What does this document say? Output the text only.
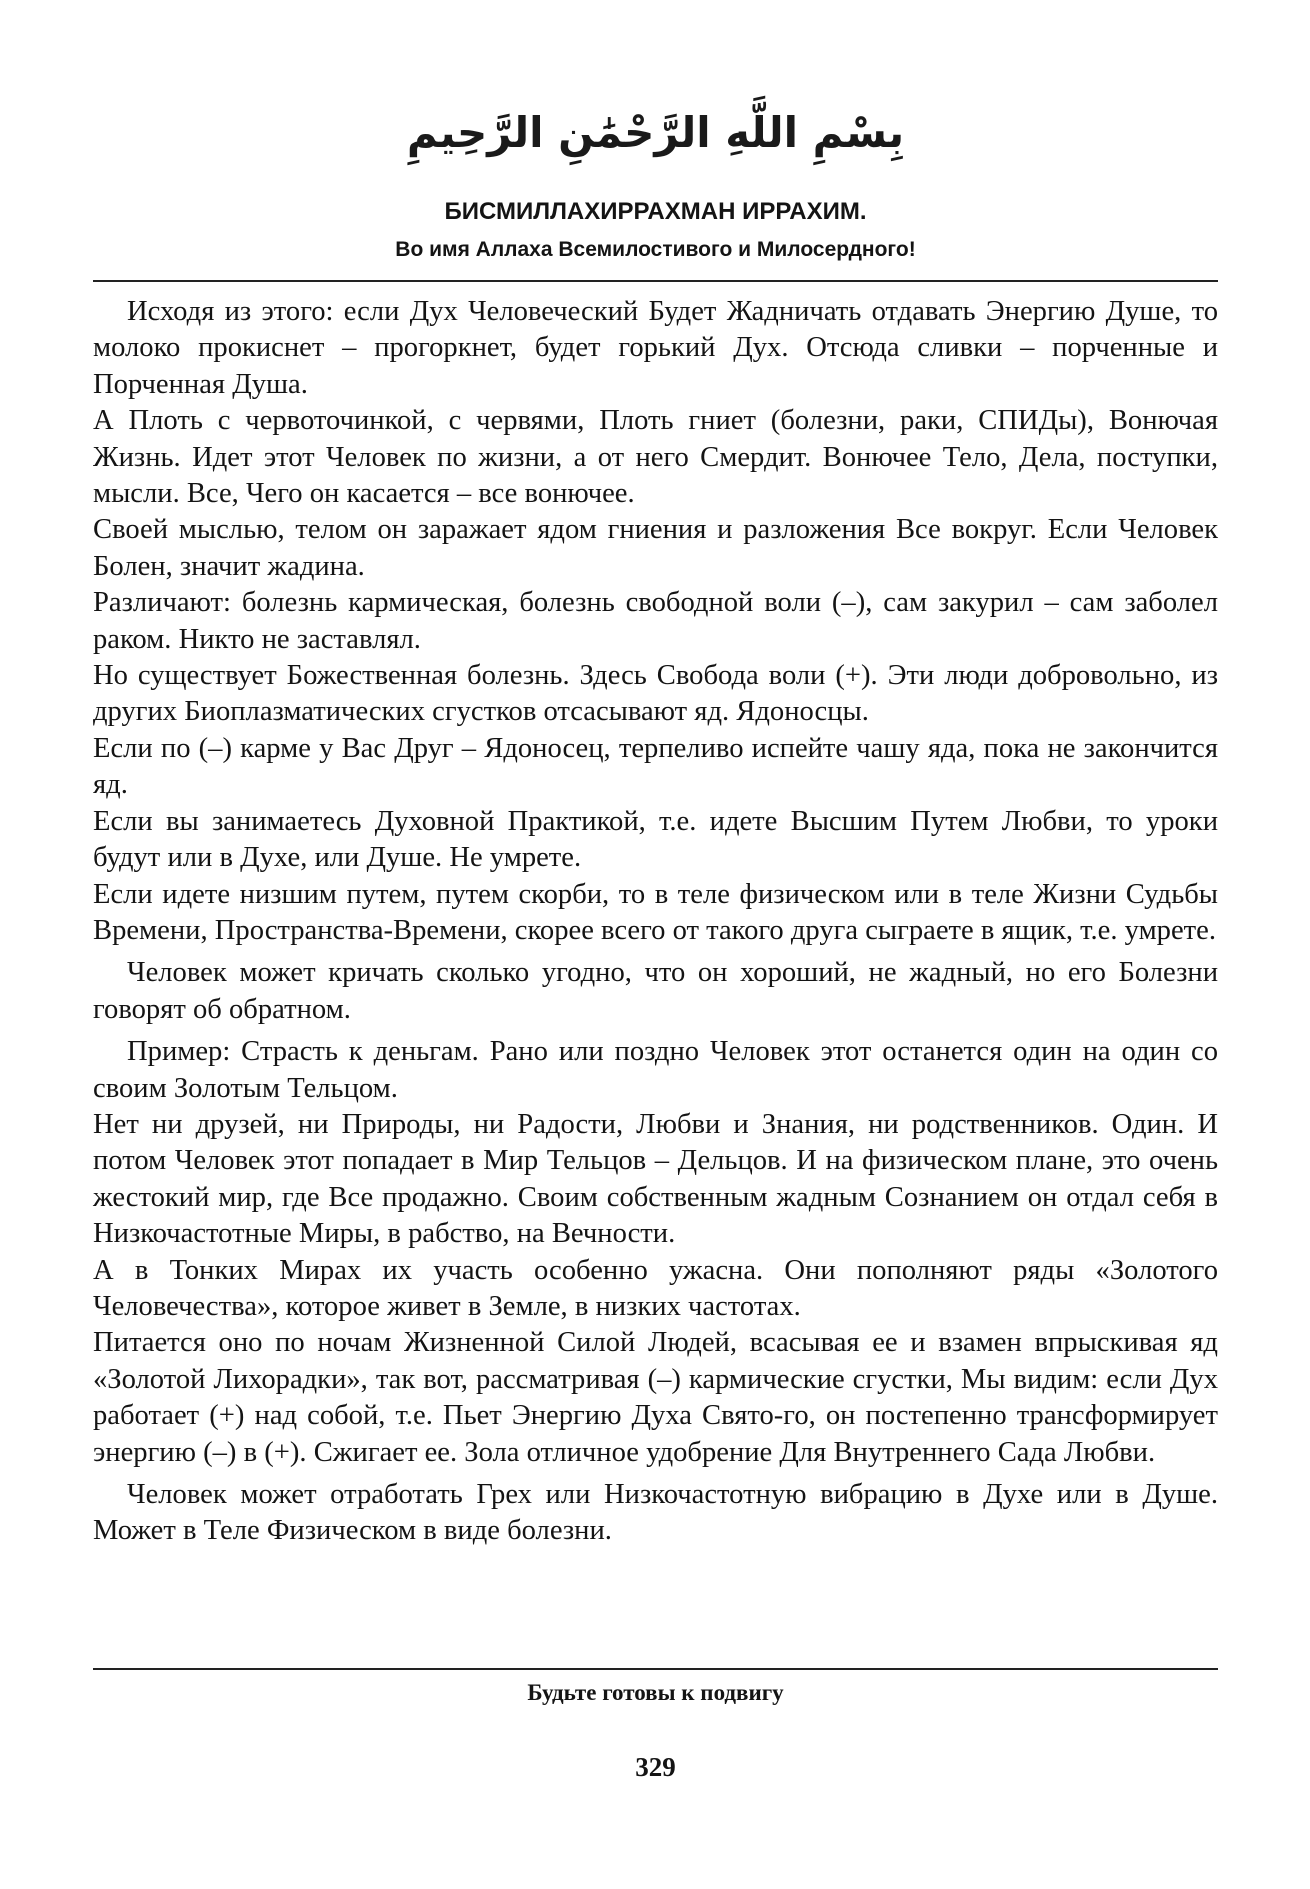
بِسْمِ اللَّهِ الرَّحْمَٰنِ الرَّحِيمِ
БИСМИЛЛАХИРРАХМАН ИРРАХИМ.
Во имя Аллаха Всемилостивого и Милосердного!

Исходя из этого: если Дух Человеческий Будет Жадничать отдавать Энергию Душе, то молоко прокиснет – прогоркнет, будет горький Дух. Отсюда сливки – порченные и Порченная Душа.

А Плоть с червоточинкой, с червями, Плоть гниет (болезни, раки, СПИДы), Вонючая Жизнь. Идет этот Человек по жизни, а от него Смердит. Вонючее Тело, Дела, поступки, мысли. Все, Чего он касается – все вонючее.

Своей мыслью, телом он заражает ядом гниения и разложения Все вокруг. Если Человек Болен, значит жадина.

Различают: болезнь кармическая, болезнь свободной воли (–), сам закурил – сам заболел раком. Никто не заставлял.

Но существует Божественная болезнь. Здесь Свобода воли (+). Эти люди добровольно, из других Биоплазматических сгустков отсасывают яд. Ядоносцы.

Если по (–) карме у Вас Друг – Ядоносец, терпеливо испейте чашу яда, пока не закончится яд.

Если вы занимаетесь Духовной Практикой, т.е. идете Высшим Путем Любви, то уроки будут или в Духе, или Душе. Не умрете.

Если идете низшим путем, путем скорби, то в теле физическом или в теле Жизни Судьбы Времени, Пространства-Времени, скорее всего от такого друга сыграете в ящик, т.е. умрете.

Человек может кричать сколько угодно, что он хороший, не жадный, но его Болезни говорят об обратном.

Пример: Страсть к деньгам. Рано или поздно Человек этот останется один на один со своим Золотым Тельцом.

Нет ни друзей, ни Природы, ни Радости, Любви и Знания, ни родственников. Один. И потом Человек этот попадает в Мир Тельцов – Дельцов. И на физическом плане, это очень жестокий мир, где Все продажно. Своим собственным жадным Сознанием он отдал себя в Низкочастотные Миры, в рабство, на Вечности.

А в Тонких Мирах их участь особенно ужасна. Они пополняют ряды «Золотого Человечества», которое живет в Земле, в низких частотах.

Питается оно по ночам Жизненной Силой Людей, всасывая ее и взамен впрыскивая яд «Золотой Лихорадки», так вот, рассматривая (–) кармические сгустки, Мы видим: если Дух работает (+) над собой, т.е. Пьет Энергию Духа Свято-го, он постепенно трансформирует энергию (–) в (+). Сжигает ее. Зола отличное удобрение Для Внутреннего Сада Любви.

Человек может отработать Грех или Низкочастотную вибрацию в Духе или в Душе. Может в Теле Физическом в виде болезни.

Будьте готовы к подвигу
329
